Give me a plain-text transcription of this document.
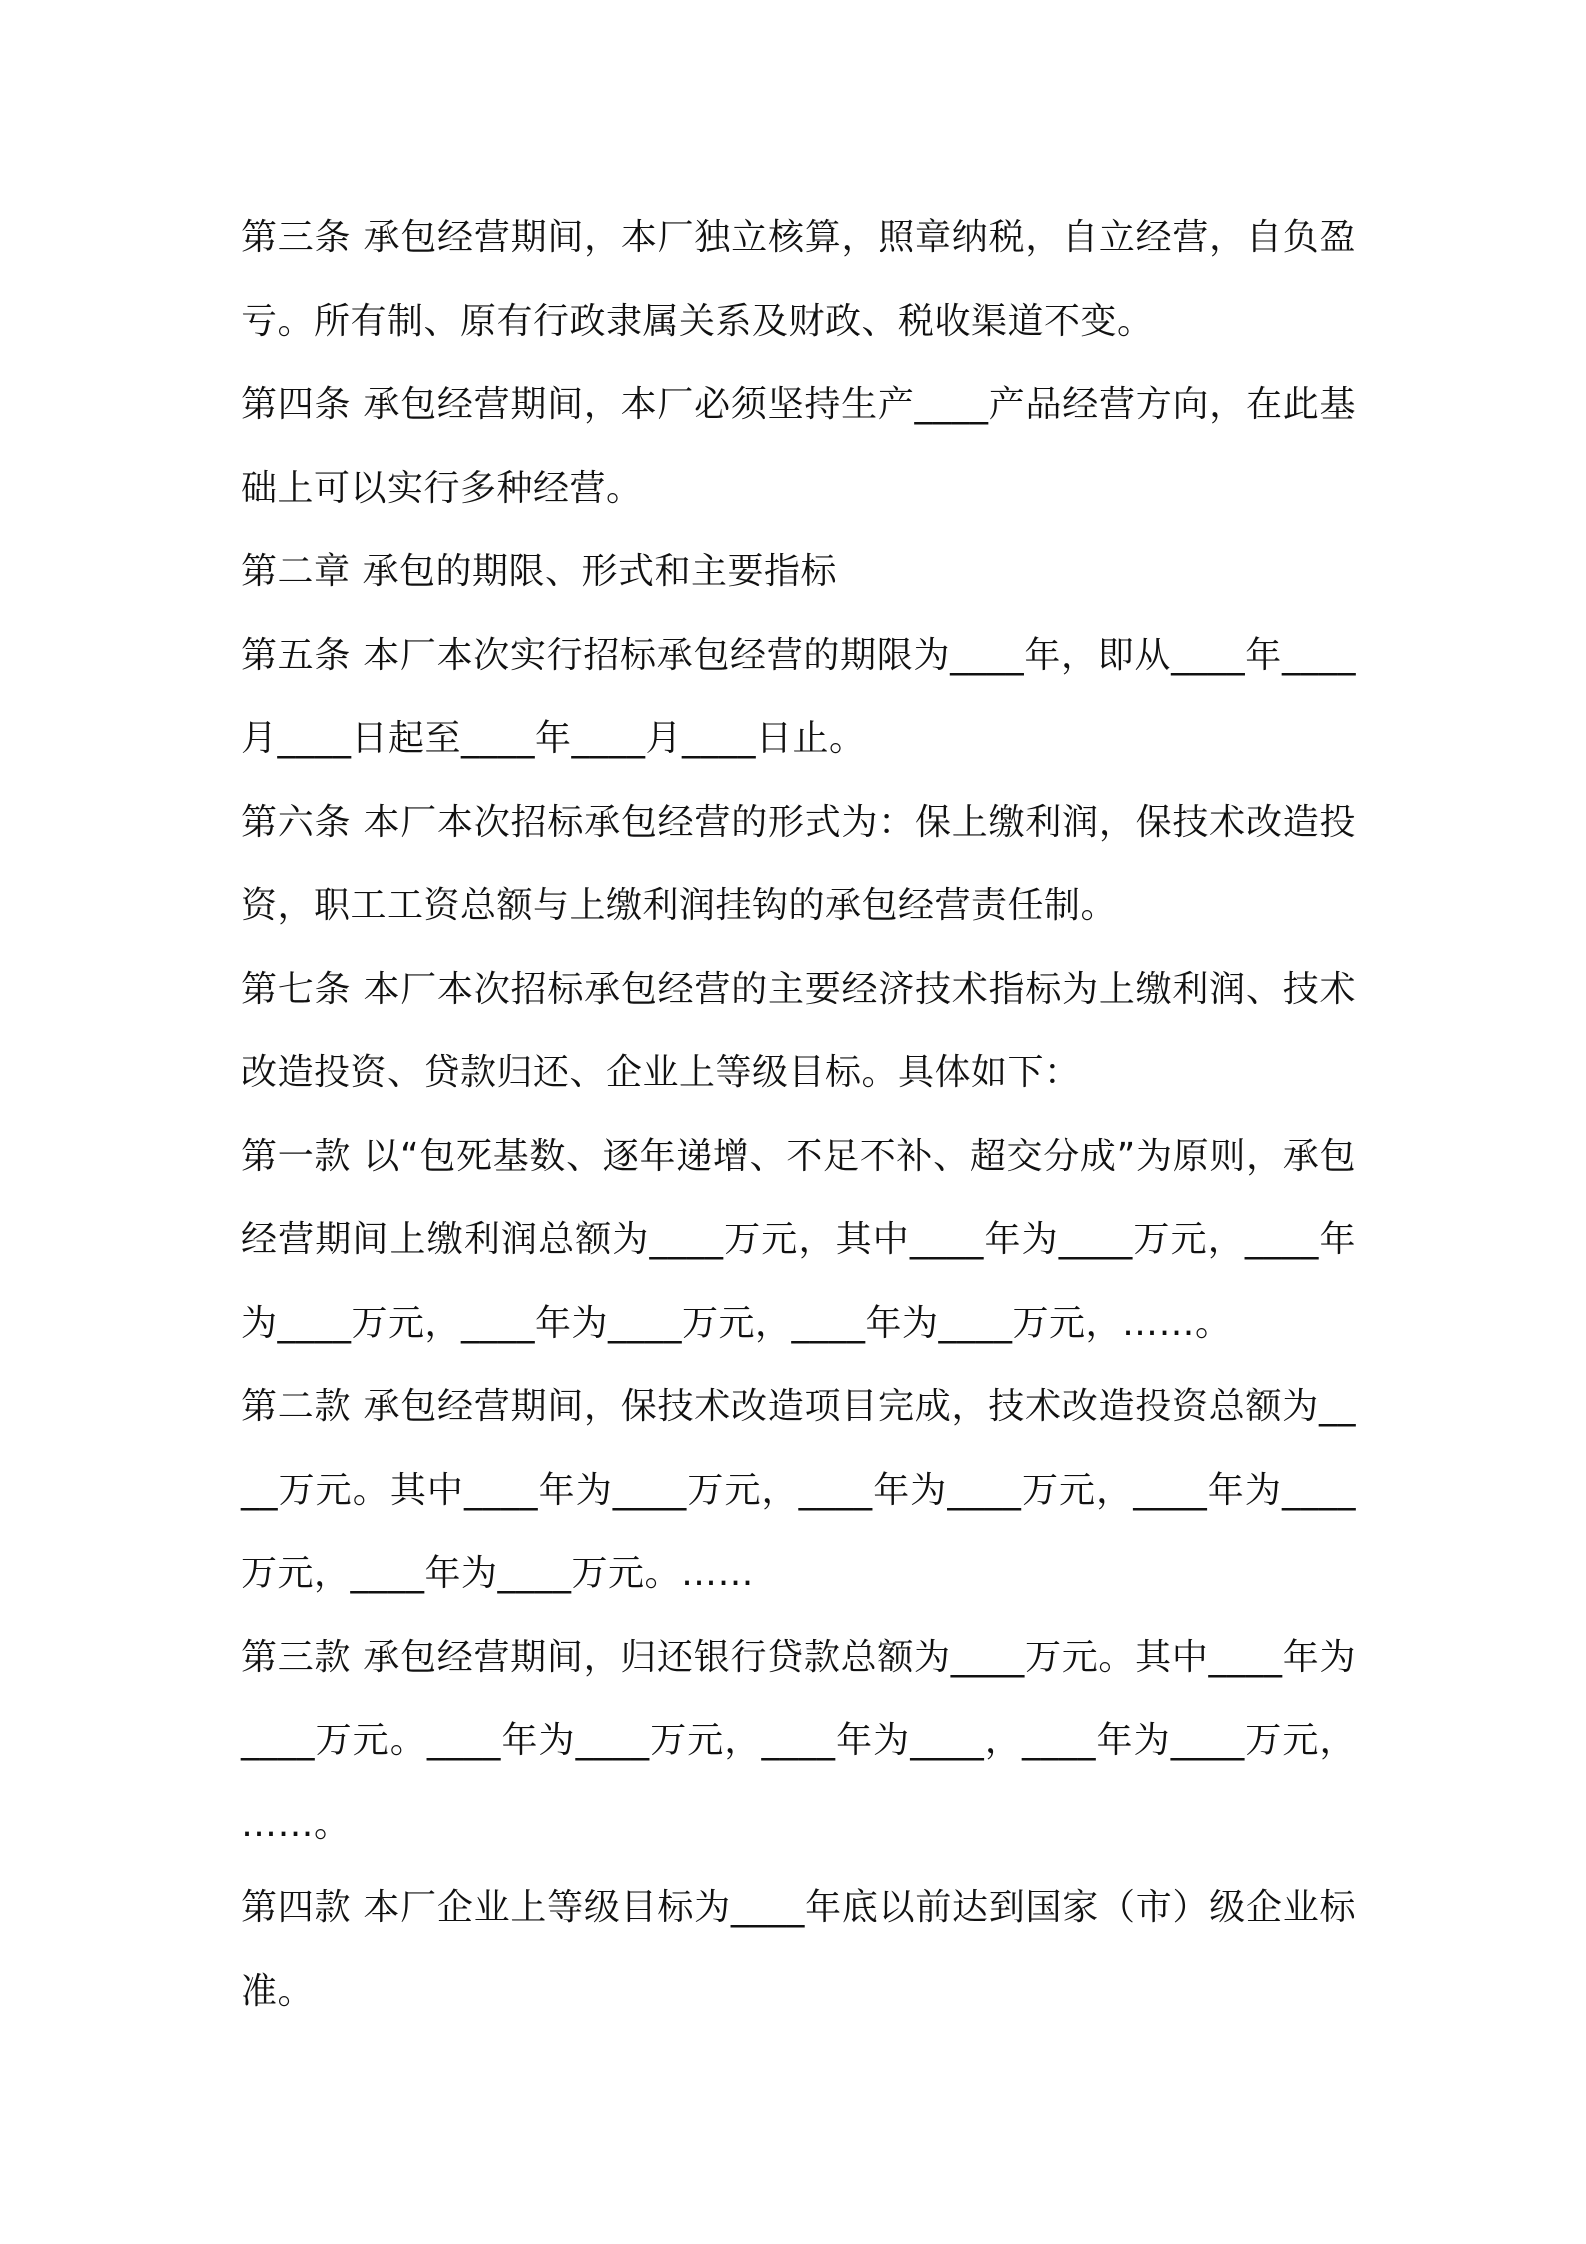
第三条 承包经营期间，本厂独立核算，照章纳税，自立经营，自负盈亏。所有制、原有行政隶属关系及财政、税收渠道不变。

第四条 承包经营期间，本厂必须坚持生产____产品经营方向，在此基础上可以实行多种经营。

第二章 承包的期限、形式和主要指标

第五条 本厂本次实行招标承包经营的期限为____年，即从____年____月____日起至____年____月____日止。

第六条 本厂本次招标承包经营的形式为：保上缴利润，保技术改造投资，职工工资总额与上缴利润挂钩的承包经营责任制。

第七条 本厂本次招标承包经营的主要经济技术指标为上缴利润、技术改造投资、贷款归还、企业上等级目标。具体如下：

第一款 以“包死基数、逐年递增、不足不补、超交分成”为原则，承包经营期间上缴利润总额为____万元，其中____年为____万元，____年为____万元，____年为____万元，____年为____万元，……。

第二款 承包经营期间，保技术改造项目完成，技术改造投资总额为____万元。其中____年为____万元，____年为____万元，____年为____万元，____年为____万元。……

第三款 承包经营期间，归还银行贷款总额为____万元。其中____年为____万元。____年为____万元，____年为____，____年为____万元，……。

第四款 本厂企业上等级目标为____年底以前达到国家（市）级企业标准。
